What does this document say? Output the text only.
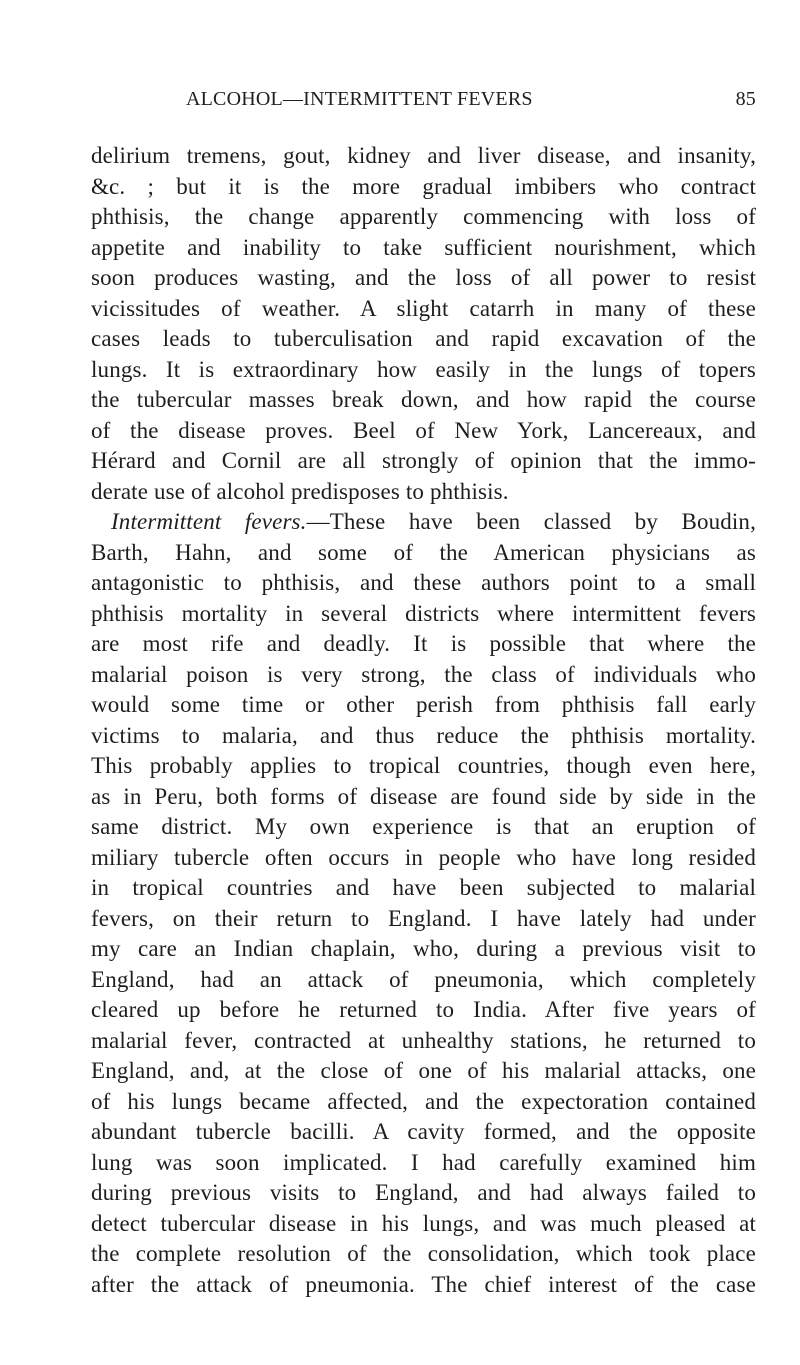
ALCOHOL—INTERMITTENT FEVERS	85
delirium tremens, gout, kidney and liver disease, and insanity,
&c. ; but it is the more gradual imbibers who contract
phthisis, the change apparently commencing with loss of
appetite and inability to take sufficient nourishment, which
soon produces wasting, and the loss of all power to resist
vicissitudes of weather. A slight catarrh in many of these
cases leads to tuberculisation and rapid excavation of the
lungs. It is extraordinary how easily in the lungs of topers
the tubercular masses break down, and how rapid the course
of the disease proves. Beel of New York, Lancereaux, and
Hérard and Cornil are all strongly of opinion that the immo-
derate use of alcohol predisposes to phthisis.
Intermittent fevers.—These have been classed by Boudin,
Barth, Hahn, and some of the American physicians as
antagonistic to phthisis, and these authors point to a small
phthisis mortality in several districts where intermittent fevers
are most rife and deadly. It is possible that where the
malarial poison is very strong, the class of individuals who
would some time or other perish from phthisis fall early
victims to malaria, and thus reduce the phthisis mortality.
This probably applies to tropical countries, though even here,
as in Peru, both forms of disease are found side by side in the
same district. My own experience is that an eruption of
miliary tubercle often occurs in people who have long resided
in tropical countries and have been subjected to malarial
fevers, on their return to England. I have lately had under
my care an Indian chaplain, who, during a previous visit to
England, had an attack of pneumonia, which completely
cleared up before he returned to India. After five years of
malarial fever, contracted at unhealthy stations, he returned to
England, and, at the close of one of his malarial attacks, one
of his lungs became affected, and the expectoration contained
abundant tubercle bacilli. A cavity formed, and the opposite
lung was soon implicated. I had carefully examined him
during previous visits to England, and had always failed to
detect tubercular disease in his lungs, and was much pleased at
the complete resolution of the consolidation, which took place
after the attack of pneumonia. The chief interest of the case
